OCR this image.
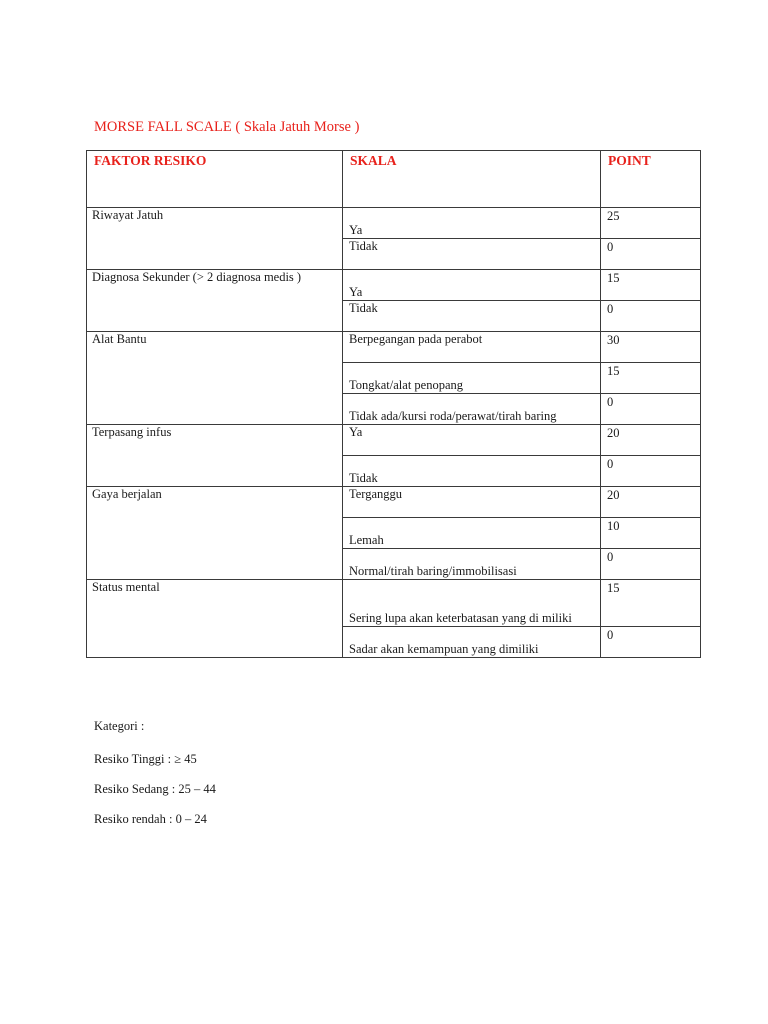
MORSE FALL SCALE ( Skala Jatuh Morse )
FAKTOR RESIKO	SKALA	POINT

Riwayat Jatuh	Ya	25

	Tidak	0

Diagnosa Sekunder (> 2 diagnosa medis )	Ya	15

	Tidak	0

Alat Bantu	Berpegangan pada perabot	30

	Tongkat/alat penopang	15

	Tidak ada/kursi roda/perawat/tirah baring	0

Terpasang infus	Ya	20

	Tidak	0

Gaya berjalan	Terganggu	20

	Lemah	10

	Normal/tirah baring/immobilisasi	0

Status mental	Sering lupa akan keterbatasan yang di miliki	15

	Sadar akan kemampuan yang dimiliki	0
Kategori :
Resiko Tinggi : ≥ 45
Resiko Sedang : 25 – 44
Resiko rendah : 0 – 24
